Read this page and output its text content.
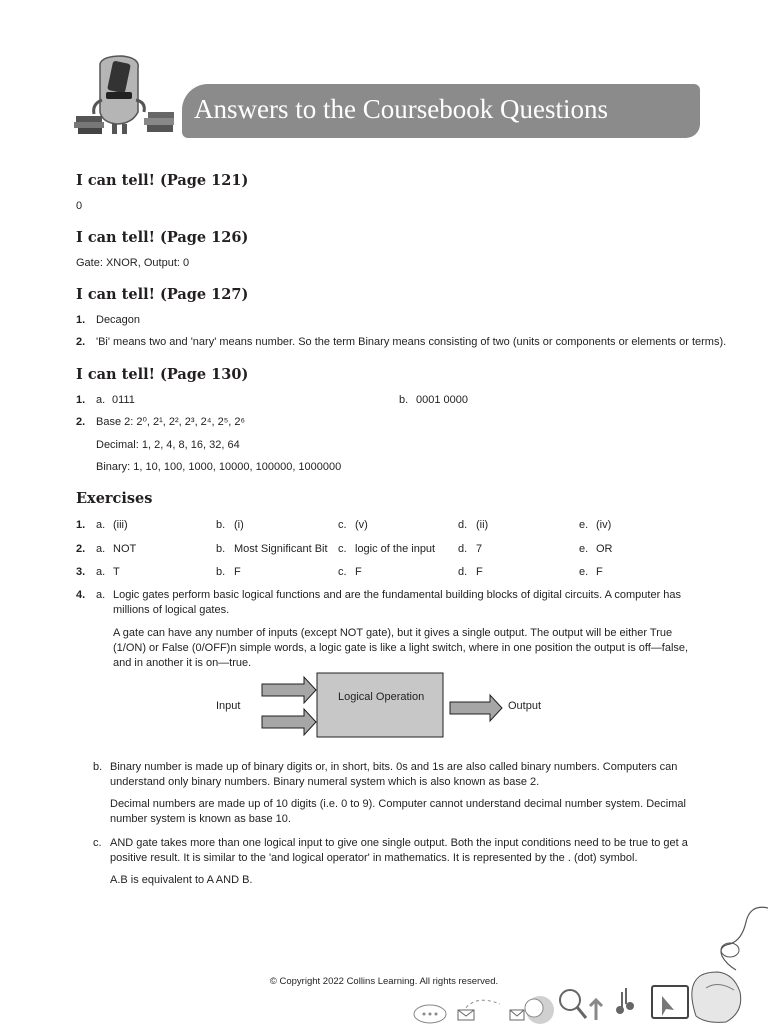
Answers to the Coursebook Questions
I can tell! (Page 121)
0
I can tell! (Page 126)
Gate: XNOR, Output: 0
I can tell! (Page 127)
1. Decagon
2. 'Bi' means two and 'nary' means number. So the term Binary means consisting of two (units or components or elements or terms).
I can tell! (Page 130)
1. a. 0111	b. 0001 0000
2. Base 2: 2⁰, 2¹, 2², 2³, 2⁴, 2⁵, 2⁶
Decimal: 1, 2, 4, 8, 16, 32, 64
Binary: 1, 10, 100, 1000, 10000, 100000, 1000000
Exercises
1. a. (iii)	b. (i)	c. (v)	d. (ii)	e. (iv)
2. a. NOT	b. Most Significant Bit c. logic of the input d. 7	e. OR
3. a. T	b. F	c. F	d. F	e. F
4. a. Logic gates perform basic logical functions and are the fundamental building blocks of digital circuits. A computer has millions of logical gates.
A gate can have any number of inputs (except NOT gate), but it gives a single output. The output will be either True (1/ON) or False (0/OFF)n simple words, a logic gate is like a light switch, where in one position the output is off—false, and in another it is on—true.
Input
Logical Operation
Output
b. Binary number is made up of binary digits or, in short, bits. 0s and 1s are also called binary numbers. Computers can understand only binary numbers. Binary numeral system which is also known as base 2.
Decimal numbers are made up of 10 digits (i.e. 0 to 9). Computer cannot understand decimal number system. Decimal number system is known as base 10.
c. AND gate takes more than one logical input to give one single output. Both the input conditions need to be true to get a positive result. It is similar to the 'and logical operator' in mathematics. It is represented by the . (dot) symbol.
A.B is equivalent to A AND B.
© Copyright 2022 Collins Learning. All rights reserved.
